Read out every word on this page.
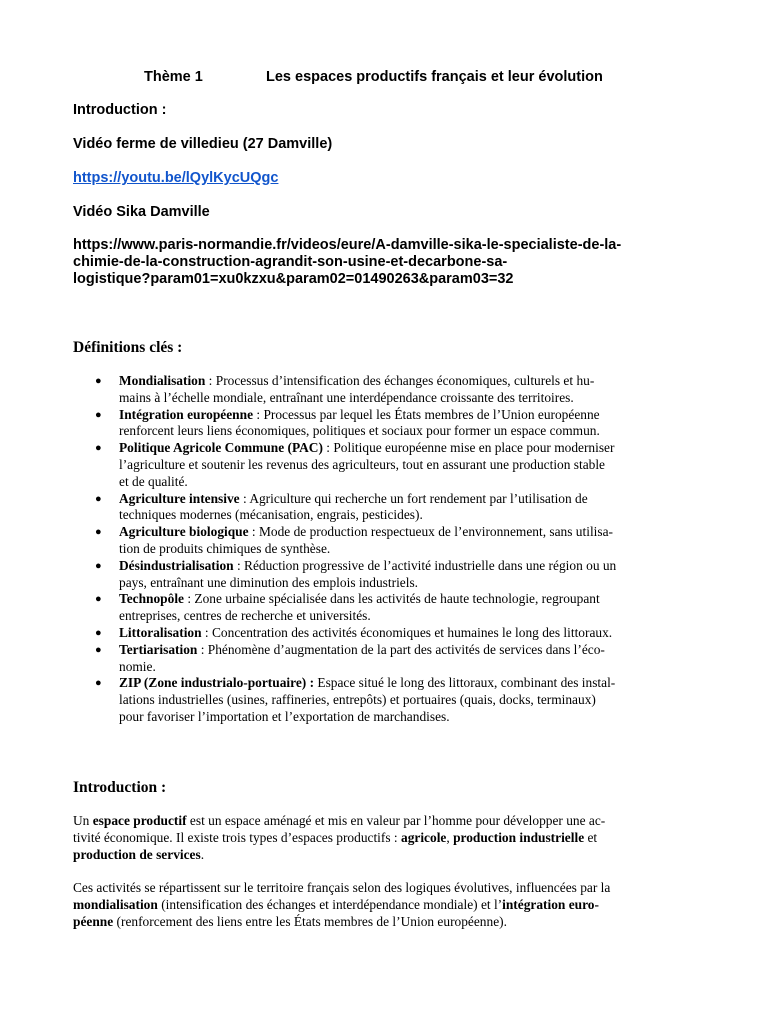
Thème 1	Les espaces productifs français et leur évolution
Introduction :
Vidéo ferme de villedieu (27 Damville)
https://youtu.be/lQylKycUQgc
Vidéo Sika Damville
https://www.paris-normandie.fr/videos/eure/A-damville-sika-le-specialiste-de-la-
chimie-de-la-construction-agrandit-son-usine-et-decarbone-sa-
logistique?param01=xu0kzxu&param02=01490263&param03=32
Définitions clés :
● Mondialisation : Processus d’intensification des échanges économiques, culturels et hu-
mains à l’échelle mondiale, entraînant une interdépendance croissante des territoires.
● Intégration européenne : Processus par lequel les États membres de l’Union européenne
renforcent leurs liens économiques, politiques et sociaux pour former un espace commun.
● Politique Agricole Commune (PAC) : Politique européenne mise en place pour moderniser
l’agriculture et soutenir les revenus des agriculteurs, tout en assurant une production stable
et de qualité.
● Agriculture intensive : Agriculture qui recherche un fort rendement par l’utilisation de
techniques modernes (mécanisation, engrais, pesticides).
● Agriculture biologique : Mode de production respectueux de l’environnement, sans utilisa-
tion de produits chimiques de synthèse.
● Désindustrialisation : Réduction progressive de l’activité industrielle dans une région ou un
pays, entraînant une diminution des emplois industriels.
● Technopôle : Zone urbaine spécialisée dans les activités de haute technologie, regroupant
entreprises, centres de recherche et universités.
● Littoralisation : Concentration des activités économiques et humaines le long des littoraux.
● Tertiarisation : Phénomène d’augmentation de la part des activités de services dans l’éco-
nomie.
● ZIP (Zone industrialo-portuaire) : Espace situé le long des littoraux, combinant des instal-
lations industrielles (usines, raffineries, entrepôts) et portuaires (quais, docks, terminaux)
pour favoriser l’importation et l’exportation de marchandises.
Introduction :
Un espace productif est un espace aménagé et mis en valeur par l’homme pour développer une ac-
tivité économique. Il existe trois types d’espaces productifs : agricole, production industrielle et
production de services.
Ces activités se répartissent sur le territoire français selon des logiques évolutives, influencées par la
mondialisation (intensification des échanges et interdépendance mondiale) et l’intégration euro-
péenne (renforcement des liens entre les États membres de l’Union européenne).
